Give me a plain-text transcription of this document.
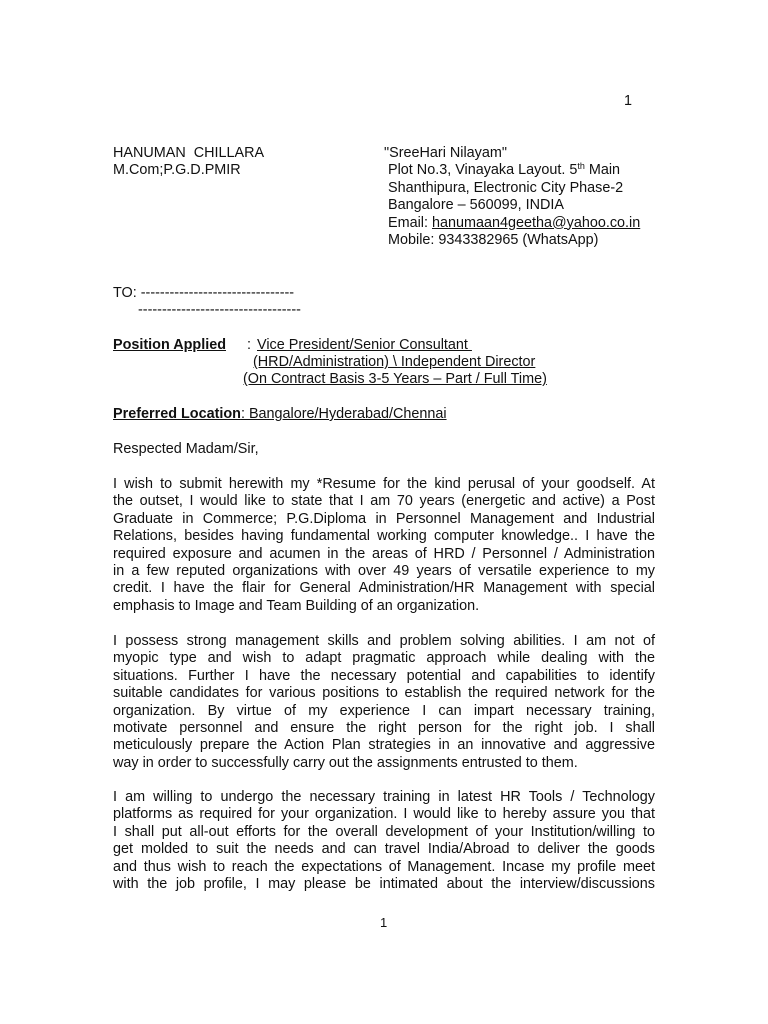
1
HANUMAN  CHILLARA
M.Com;P.G.D.PMIR
"SreeHari Nilayam"
Plot No.3, Vinayaka Layout. 5th Main
Shanthipura, Electronic City Phase-2
Bangalore – 560099, INDIA
Email: hanumaan4geetha@yahoo.co.in
Mobile: 9343382965 (WhatsApp)
TO: --------------------------------
----------------------------------
Position Applied : Vice President/Senior Consultant
(HRD/Administration) \ Independent Director
(On Contract Basis 3-5 Years – Part / Full Time)
Preferred Location: Bangalore/Hyderabad/Chennai
Respected Madam/Sir,
I wish to submit herewith my *Resume for the kind perusal of your goodself. At
the outset, I would like to state that I am 70 years (energetic and active) a Post
Graduate in Commerce; P.G.Diploma in Personnel Management and Industrial
Relations, besides having fundamental working computer knowledge.. I have the
required exposure and acumen in the areas of HRD / Personnel / Administration
in a few reputed organizations with over 49 years of versatile experience to my
credit. I have the flair for General Administration/HR Management with special
emphasis to Image and Team Building of an organization.
I possess strong management skills and problem solving abilities. I am not of
myopic type and wish to adapt pragmatic approach while dealing with the
situations. Further I have the necessary potential and capabilities to identify
suitable candidates for various positions to establish the required network for the
organization. By virtue of my experience I can impart necessary training,
motivate personnel and ensure the right person for the right job. I shall
meticulously prepare the Action Plan strategies in an innovative and aggressive
way in order to successfully carry out the assignments entrusted to them.
I am willing to undergo the necessary training in latest HR Tools / Technology
platforms as required for your organization. I would like to hereby assure you that
I shall put all-out efforts for the overall development of your Institution/willing to
get molded to suit the needs and can travel India/Abroad to deliver the goods
and thus wish to reach the expectations of Management. Incase my profile meet
with the job profile, I may please be intimated about the interview/discussions
1
